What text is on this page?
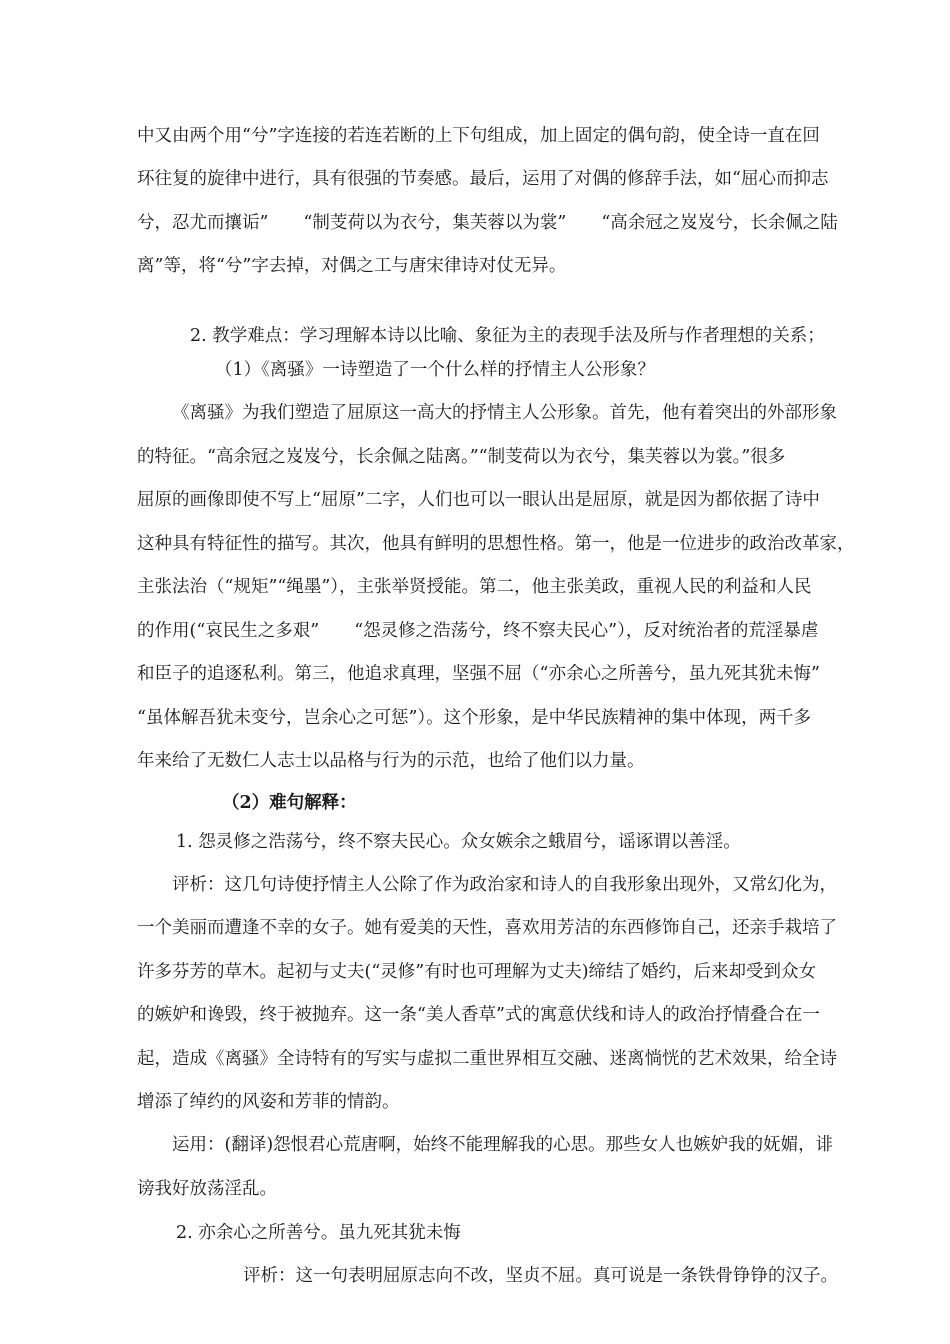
中又由两个用“兮”字连接的若连若断的上下句组成，加上固定的偶句韵，使全诗一直在回

环往复的旋律中进行，具有很强的节奏感。最后，运用了对偶的修辞手法，如“屈心而抑志

兮，忍尤而攘诟”　　“制芰荷以为衣兮，集芙蓉以为裳”　　“高余冠之岌岌兮，长余佩之陆

离”等，将“兮”字去掉，对偶之工与唐宋律诗对仗无异。

2. 教学难点：学习理解本诗以比喻、象征为主的表现手法及所与作者理想的关系；

（1）《离骚》一诗塑造了一个什么样的抒情主人公形象？

《离骚》为我们塑造了屈原这一高大的抒情主人公形象。首先，他有着突出的外部形象

的特征。“高余冠之岌岌兮，长余佩之陆离。”“制芰荷以为衣兮，集芙蓉以为裳。”很多

屈原的画像即使不写上“屈原”二字，人们也可以一眼认出是屈原，就是因为都依据了诗中

这种具有特征性的描写。其次，他具有鲜明的思想性格。第一，他是一位进步的政治改革家，

主张法治（“规矩”“绳墨”），主张举贤授能。第二，他主张美政，重视人民的利益和人民

的作用(“哀民生之多艰”　　“怨灵修之浩荡兮，终不察夫民心”），反对统治者的荒淫暴虐

和臣子的追逐私利。第三，他追求真理，坚强不屈（“亦余心之所善兮，虽九死其犹未悔”

“虽体解吾犹未变兮，岂余心之可惩”）。这个形象，是中华民族精神的集中体现，两千多

年来给了无数仁人志士以品格与行为的示范，也给了他们以力量。

（2）难句解释：

1. 怨灵修之浩荡兮，终不察夫民心。众女嫉余之蛾眉兮，谣诼谓以善淫。

评析：这几句诗使抒情主人公除了作为政治家和诗人的自我形象出现外，又常幻化为，

一个美丽而遭逢不幸的女子。她有爱美的天性，喜欢用芳洁的东西修饰自己，还亲手栽培了

许多芬芳的草木。起初与丈夫(“灵修”有时也可理解为丈夫)缔结了婚约，后来却受到众女

的嫉妒和谗毁，终于被抛弃。这一条“美人香草”式的寓意伏线和诗人的政治抒情叠合在一

起，造成《离骚》全诗特有的写实与虚拟二重世界相互交融、迷离惝恍的艺术效果，给全诗

增添了绰约的风姿和芳菲的情韵。

运用：(翻译)怨恨君心荒唐啊，始终不能理解我的心思。那些女人也嫉妒我的妩媚，诽

谤我好放荡淫乱。

2. 亦余心之所善兮。虽九死其犹未悔

评析：这一句表明屈原志向不改，坚贞不屈。真可说是一条铁骨铮铮的汉子。
